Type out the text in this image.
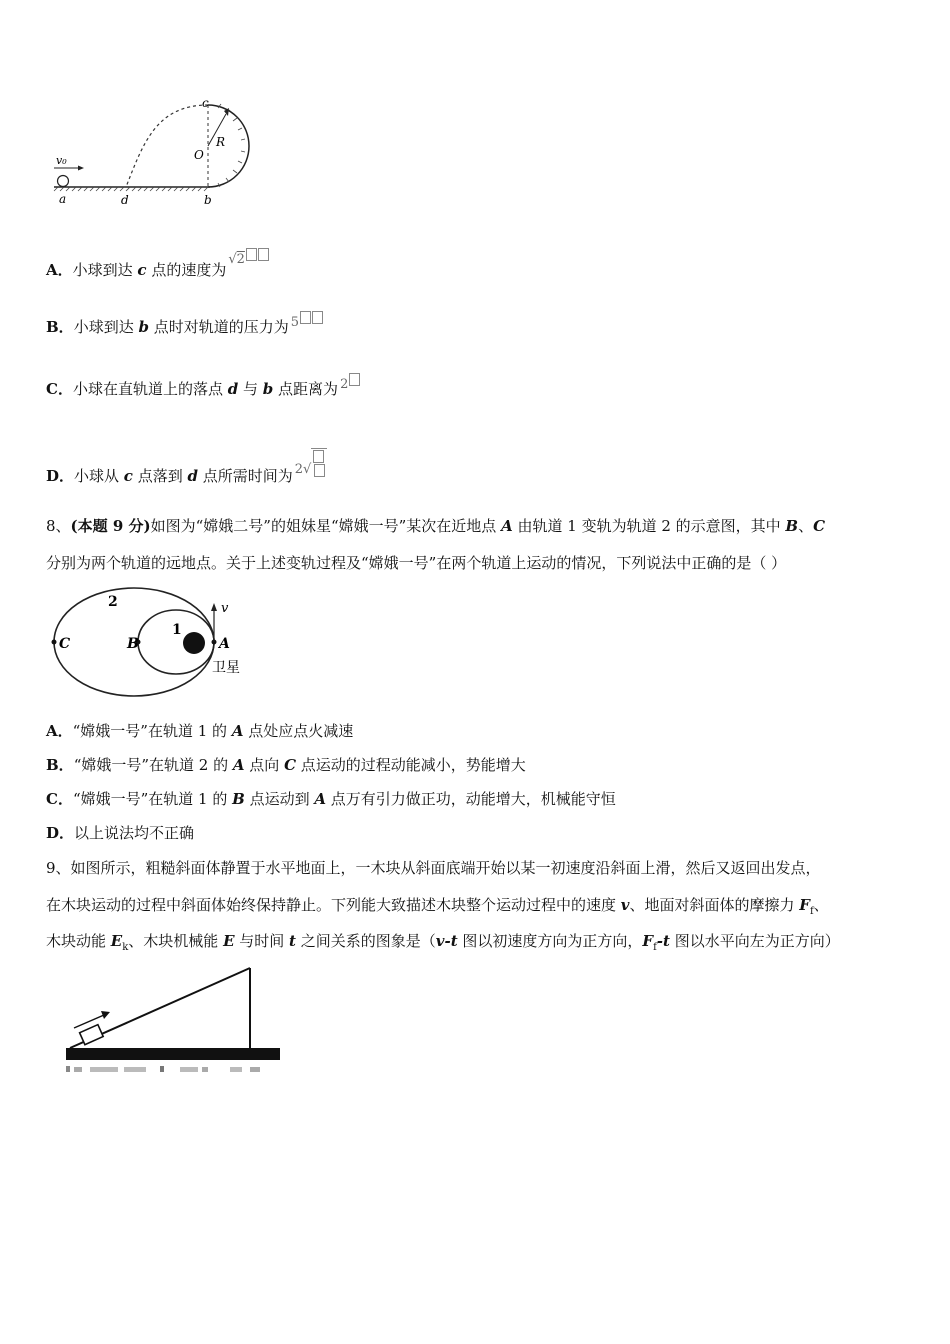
v₀
a	d	b
c
O
R
A．小球到达 c 点的速度为√2
B．小球到达 b 点时对轨道的压力为 5
C．小球在直轨道上的落点 d 与 b 点距离为 2
D．小球从 c 点落到 d 点所需时间为 2√
8、(本题 9 分)如图为“嫦娥二号”的姐妹星“嫦娥一号”某次在近地点 A 由轨道 1 变轨为轨道 2 的示意图，其中 B、C
分别为两个轨道的远地点。关于上述变轨过程及“嫦娥一号”在两个轨道上运动的情况，下列说法中正确的是（ ）
2
1
C	B	A
v
卫星
A．“嫦娥一号”在轨道 1 的 A 点处应点火减速
B．“嫦娥一号”在轨道 2 的 A 点向 C 点运动的过程动能减小，势能增大
C．“嫦娥一号”在轨道 1 的 B 点运动到 A 点万有引力做正功，动能增大，机械能守恒
D．以上说法均不正确
9、如图所示，粗糙斜面体静置于水平地面上，一木块从斜面底端开始以某一初速度沿斜面上滑，然后又返回出发点，
在木块运动的过程中斜面体始终保持静止。下列能大致描述木块整个运动过程中的速度 v、地面对斜面体的摩擦力 $F_f$、
木块动能 $E_k$、木块机械能 E 与时间 t 之间关系的图象是（v-t 图以初速度方向为正方向，$F_f-t$ 图以水平向左为正方向）
